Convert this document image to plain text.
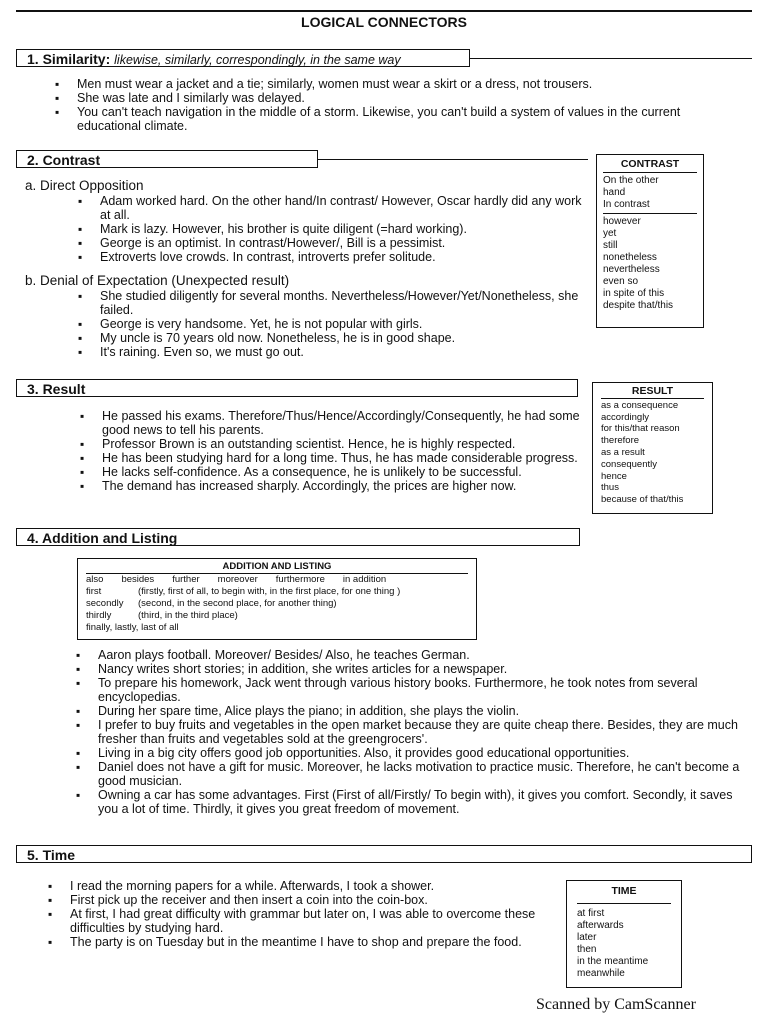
LOGICAL CONNECTORS
1. Similarity: likewise, similarly, correspondingly, in the same way
▪ Men must wear a jacket and a tie; similarly, women must wear a skirt or a dress, not trousers.
▪ She was late and I similarly was delayed.
▪ You can't teach navigation in the middle of a storm. Likewise, you can't build a system of values in the current educational climate.
2. Contrast
a. Direct Opposition
▪ Adam worked hard. On the other hand/In contrast/ However, Oscar hardly did any work at all.
▪ Mark is lazy. However, his brother is quite diligent (=hard working).
▪ George is an optimist. In contrast/However/, Bill is a pessimist.
▪ Extroverts love crowds. In contrast, introverts prefer solitude.
b. Denial of Expectation (Unexpected result)
▪ She studied diligently for several months. Nevertheless/However/Yet/Nonetheless, she failed.
▪ George is very handsome. Yet, he is not popular with girls.
▪ My uncle is 70 years old now. Nonetheless, he is in good shape.
▪ It's raining. Even so, we must go out.
CONTRAST
On the other
hand
In contrast
however
yet
still
nonetheless
nevertheless
even so
in spite of this
despite that/this
3. Result
▪ He passed his exams. Therefore/Thus/Hence/Accordingly/Consequently, he had some good news to tell his parents.
▪ Professor Brown is an outstanding scientist. Hence, he is highly respected.
▪ He has been studying hard for a long time. Thus, he has made considerable progress.
▪ He lacks self-confidence. As a consequence, he is unlikely to be successful.
▪ The demand has increased sharply. Accordingly, the prices are higher now.
RESULT
as a consequence
accordingly
for this/that reason
therefore
as a result
consequently
hence
thus
because of that/this
4. Addition and Listing
ADDITION AND LISTING
also besides further moreover furthermore in addition
first	(firstly, first of all, to begin with, in the first place, for one thing )
secondly (second, in the second place, for another thing)
thirdly	(third, in the third place)
finally, lastly, last of all
▪ Aaron plays football. Moreover/ Besides/ Also, he teaches German.
▪ Nancy writes short stories; in addition, she writes articles for a newspaper.
▪ To prepare his homework, Jack went through various history books. Furthermore, he took notes from several encyclopedias.
▪ During her spare time, Alice plays the piano; in addition, she plays the violin.
▪ I prefer to buy fruits and vegetables in the open market because they are quite cheap there. Besides, they are much fresher than fruits and vegetables sold at the greengrocers'.
▪ Living in a big city offers good job opportunities. Also, it provides good educational opportunities.
▪ Daniel does not have a gift for music. Moreover, he lacks motivation to practice music. Therefore, he can't become a good musician.
▪ Owning a car has some advantages. First (First of all/Firstly/ To begin with), it gives you comfort. Secondly, it saves you a lot of time. Thirdly, it gives you great freedom of movement.
5. Time
▪ I read the morning papers for a while. Afterwards, I took a shower.
▪ First pick up the receiver and then insert a coin into the coin-box.
▪ At first, I had great difficulty with grammar but later on, I was able to overcome these difficulties by studying hard.
▪ The party is on Tuesday but in the meantime I have to shop and prepare the food.
TIME
at first
afterwards
later
then
in the meantime
meanwhile
Scanned by CamScanner
